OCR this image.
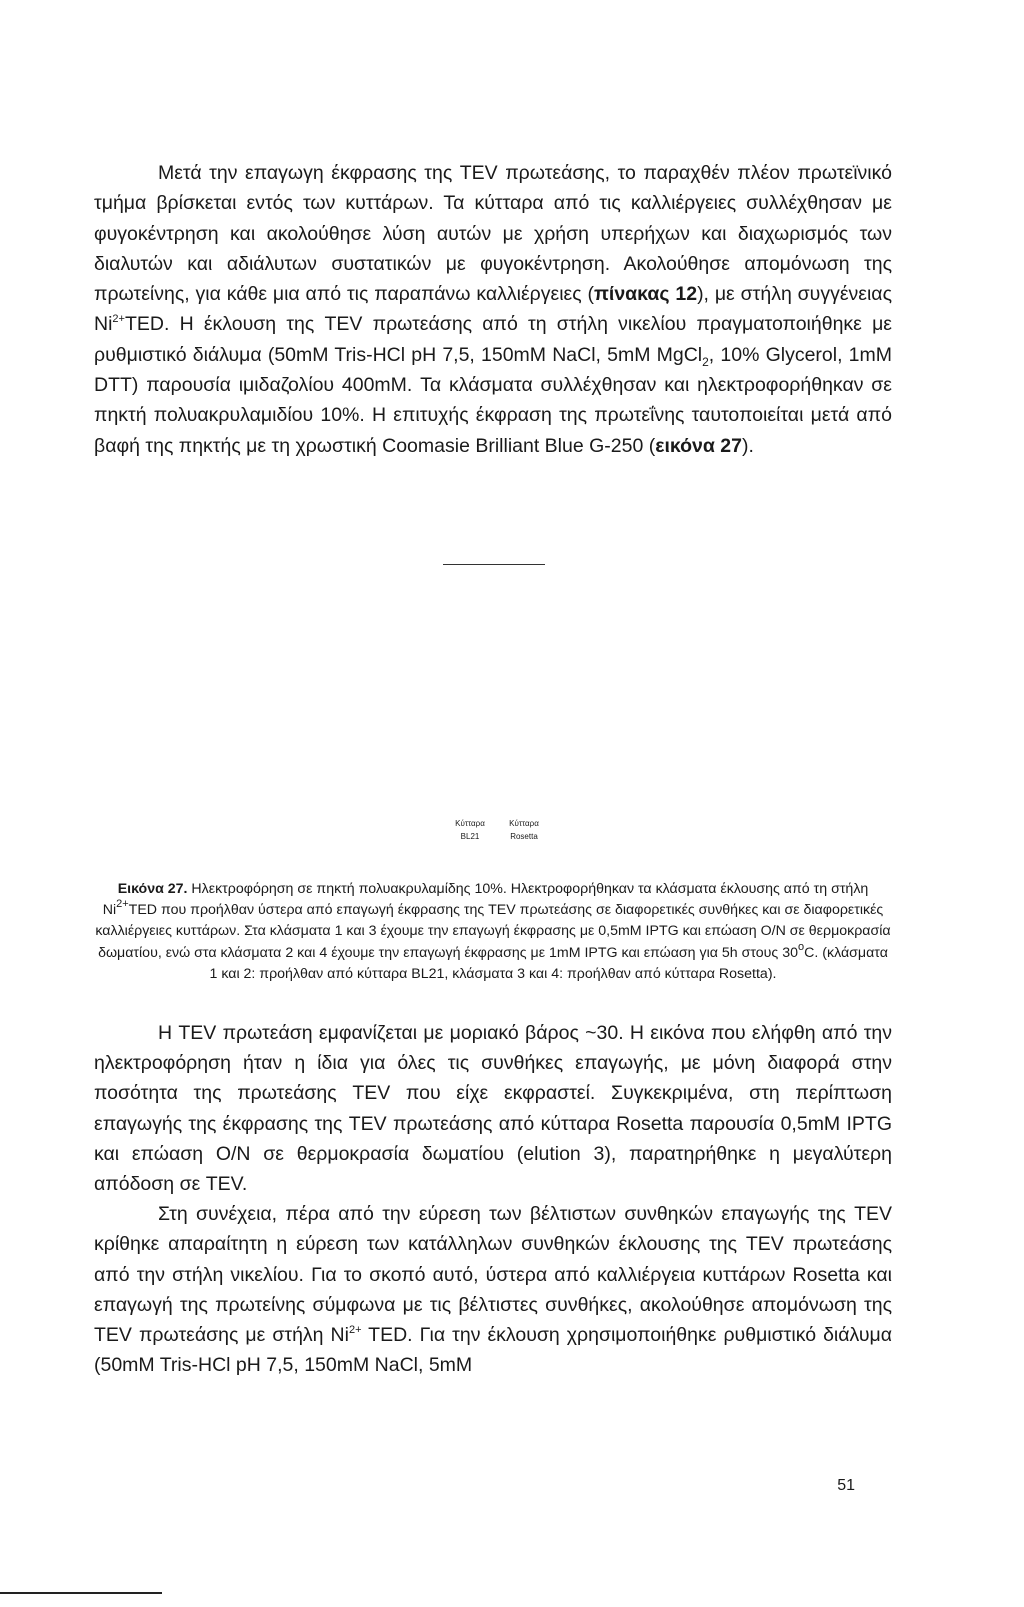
Μετά την επαγωγη έκφρασης της TEV πρωτεάσης, το παραχθέν πλέον πρωτεϊνικό τμήμα βρίσκεται εντός των κυττάρων. Τα κύτταρα από τις καλλιέργειες συλλέχθησαν με φυγοκέντρηση και ακολούθησε λύση αυτών με χρήση υπερήχων και διαχωρισμός των διαλυτών και αδιάλυτων συστατικών με φυγοκέντρηση. Ακολούθησε απομόνωση της πρωτείνης, για κάθε μια από τις παραπάνω καλλιέργειες (πίνακας 12), με στήλη συγγένειας $Ni^{2+}TED$. Η έκλουση της TEV πρωτεάσης από τη στήλη νικελίου πραγματοποιήθηκε με ρυθμιστικό διάλυμα (50mM Tris-HCl pH 7,5, 150mM NaCl, 5mM MgCl$_2$, 10% Glycerol, 1mM DTT) παρουσία ιμιδαζολίου 400mM. Τα κλάσματα συλλέχθησαν και ηλεκτροφορήθηκαν σε πηκτή πολυακρυλαμιδίου 10%. Η επιτυχής έκφραση της πρωτεΐνης ταυτοποιείται μετά από βαφή της πηκτής με τη χρωστική Coomasie Brilliant Blue G-250 (εικόνα 27).

Κύτταρα
BL21
Κύτταρα
Rosetta

Εικόνα 27. Ηλεκτροφόρηση σε πηκτή πολυακρυλαμίδης 10%. Ηλεκτροφορήθηκαν τα κλάσματα έκλουσης από τη στήλη $Ni^{2+}TED$ που προήλθαν ύστερα από επαγωγή έκφρασης της TEV πρωτεάσης σε διαφορετικές συνθήκες και σε διαφορετικές καλλιέργειες κυττάρων. Στα κλάσματα 1 και 3 έχουμε την επαγωγή έκφρασης με 0,5mM IPTG και επώαση O/N σε θερμοκρασία δωματίου, ενώ στα κλάσματα 2 και 4 έχουμε την επαγωγή έκφρασης με 1mM IPTG και επώαση για 5h στους 30$^o$C. (κλάσματα 1 και 2: προήλθαν από κύτταρα BL21, κλάσματα 3 και 4: προήλθαν από κύτταρα Rosetta).

Η TEV πρωτεάση εμφανίζεται με μοριακό βάρος ~30. Η εικόνα που ελήφθη από την ηλεκτροφόρηση ήταν η ίδια για όλες τις συνθήκες επαγωγής, με μόνη διαφορά στην ποσότητα της πρωτεάσης TEV που είχε εκφραστεί. Συγκεκριμένα, στη περίπτωση επαγωγής της έκφρασης της TEV πρωτεάσης από κύτταρα Rosetta παρουσία 0,5mM IPTG και επώαση O/N σε θερμοκρασία δωματίου (elution 3), παρατηρήθηκε η μεγαλύτερη απόδοση σε TEV.

Στη συνέχεια, πέρα από την εύρεση των βέλτιστων συνθηκών επαγωγής της TEV κρίθηκε απαραίτητη η εύρεση των κατάλληλων συνθηκών έκλουσης της TEV πρωτεάσης από την στήλη νικελίου. Για το σκοπό αυτό, ύστερα από καλλιέργεια κυττάρων Rosetta και επαγωγή της πρωτείνης σύμφωνα με τις βέλτιστες συνθήκες, ακολούθησε απομόνωση της TEV πρωτεάσης με στήλη $Ni^{2+}$ TED. Για την έκλουση χρησιμοποιήθηκε ρυθμιστικό διάλυμα (50mM Tris-HCl pH 7,5, 150mM NaCl, 5mM

51
